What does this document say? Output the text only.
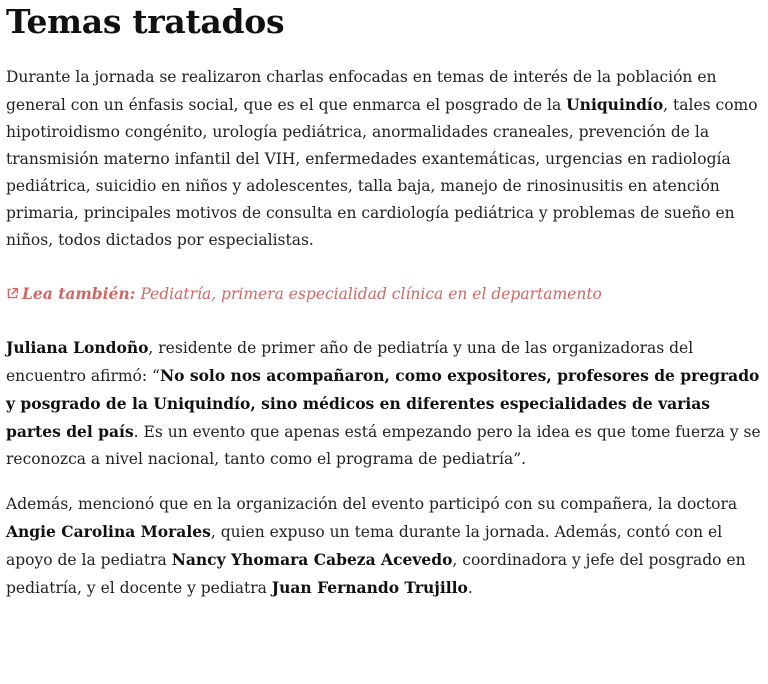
Temas tratados

Durante la jornada se realizaron charlas enfocadas en temas de interés de la población en general con un énfasis social, que es el que enmarca el posgrado de la Uniquindío, tales como hipotiroidismo congénito, urología pediátrica, anormalidades craneales, prevención de la transmisión materno infantil del VIH, enfermedades exantemáticas, urgencias en radiología pediátrica, suicidio en niños y adolescentes, talla baja, manejo de rinosinusitis en atención primaria, principales motivos de consulta en cardiología pediátrica y problemas de sueño en niños, todos dictados por especialistas.

Lea también: Pediatría, primera especialidad clínica en el departamento

Juliana Londoño, residente de primer año de pediatría y una de las organizadoras del encuentro afirmó: “No solo nos acompañaron, como expositores, profesores de pregrado y posgrado de la Uniquindío, sino médicos en diferentes especialidades de varias partes del país. Es un evento que apenas está empezando pero la idea es que tome fuerza y se reconozca a nivel nacional, tanto como el programa de pediatría”.

Además, mencionó que en la organización del evento participó con su compañera, la doctora Angie Carolina Morales, quien expuso un tema durante la jornada. Además, contó con el apoyo de la pediatra Nancy Yhomara Cabeza Acevedo, coordinadora y jefe del posgrado en pediatría, y el docente y pediatra Juan Fernando Trujillo.
